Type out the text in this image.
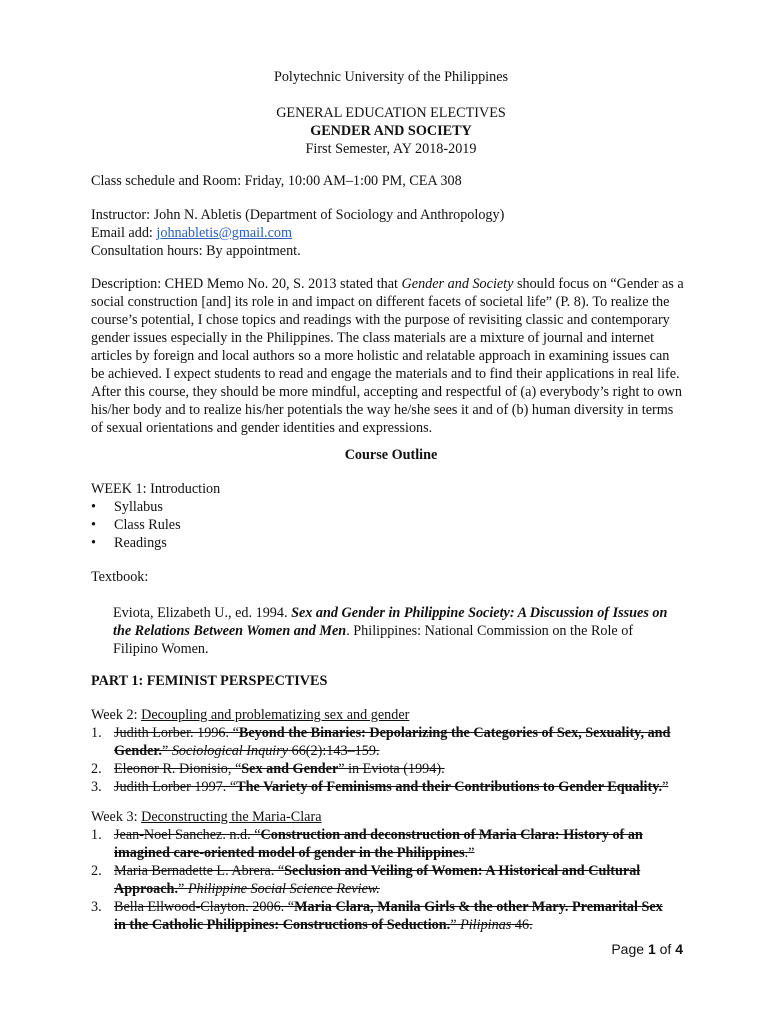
Polytechnic University of the Philippines

GENERAL EDUCATION ELECTIVES

GENDER AND SOCIETY

First Semester, AY 2018-2019

Class schedule and Room: Friday, 10:00 AM–1:00 PM, CEA 308

Instructor: John N. Abletis (Department of Sociology and Anthropology)

Email add: johnabletis@gmail.com

Consultation hours: By appointment.

Description: CHED Memo No. 20, S. 2013 stated that Gender and Society should focus on “Gender as a social construction [and] its role in and impact on different facets of societal life” (P. 8). To realize the course’s potential, I chose topics and readings with the purpose of revisiting classic and contemporary gender issues especially in the Philippines. The class materials are a mixture of journal and internet articles by foreign and local authors so a more holistic and relatable approach in examining issues can be achieved. I expect students to read and engage the materials and to find their applications in real life. After this course, they should be more mindful, accepting and respectful of (a) everybody’s right to own his/her body and to realize his/her potentials the way he/she sees it and of (b) human diversity in terms of sexual orientations and gender identities and expressions.

Course Outline

WEEK 1: Introduction

• Syllabus
• Class Rules
• Readings

Textbook:

Eviota, Elizabeth U., ed. 1994. Sex and Gender in Philippine Society: A Discussion of Issues on the Relations Between Women and Men. Philippines: National Commission on the Role of Filipino Women.

PART 1: FEMINIST PERSPECTIVES

Week 2: Decoupling and problematizing sex and gender

1. Judith Lorber. 1996. “Beyond the Binaries: Depolarizing the Categories of Sex, Sexuality, and Gender.” Sociological Inquiry 66(2):143–159.
2. Eleonor R. Dionisio, “Sex and Gender” in Eviota (1994).
3. Judith Lorber 1997. “The Variety of Feminisms and their Contributions to Gender Equality.”

Week 3: Deconstructing the Maria-Clara

1. Jean-Noel Sanchez. n.d. “Construction and deconstruction of Maria Clara: History of an imagined care-oriented model of gender in the Philippines.”
2. Maria Bernadette L. Abrera. “Seclusion and Veiling of Women: A Historical and Cultural Approach.” Philippine Social Science Review.
3. Bella Ellwood-Clayton. 2006. “Maria Clara, Manila Girls & the other Mary. Premarital Sex in the Catholic Philippines: Constructions of Seduction.” Pilipinas 46.
Page 1 of 4
